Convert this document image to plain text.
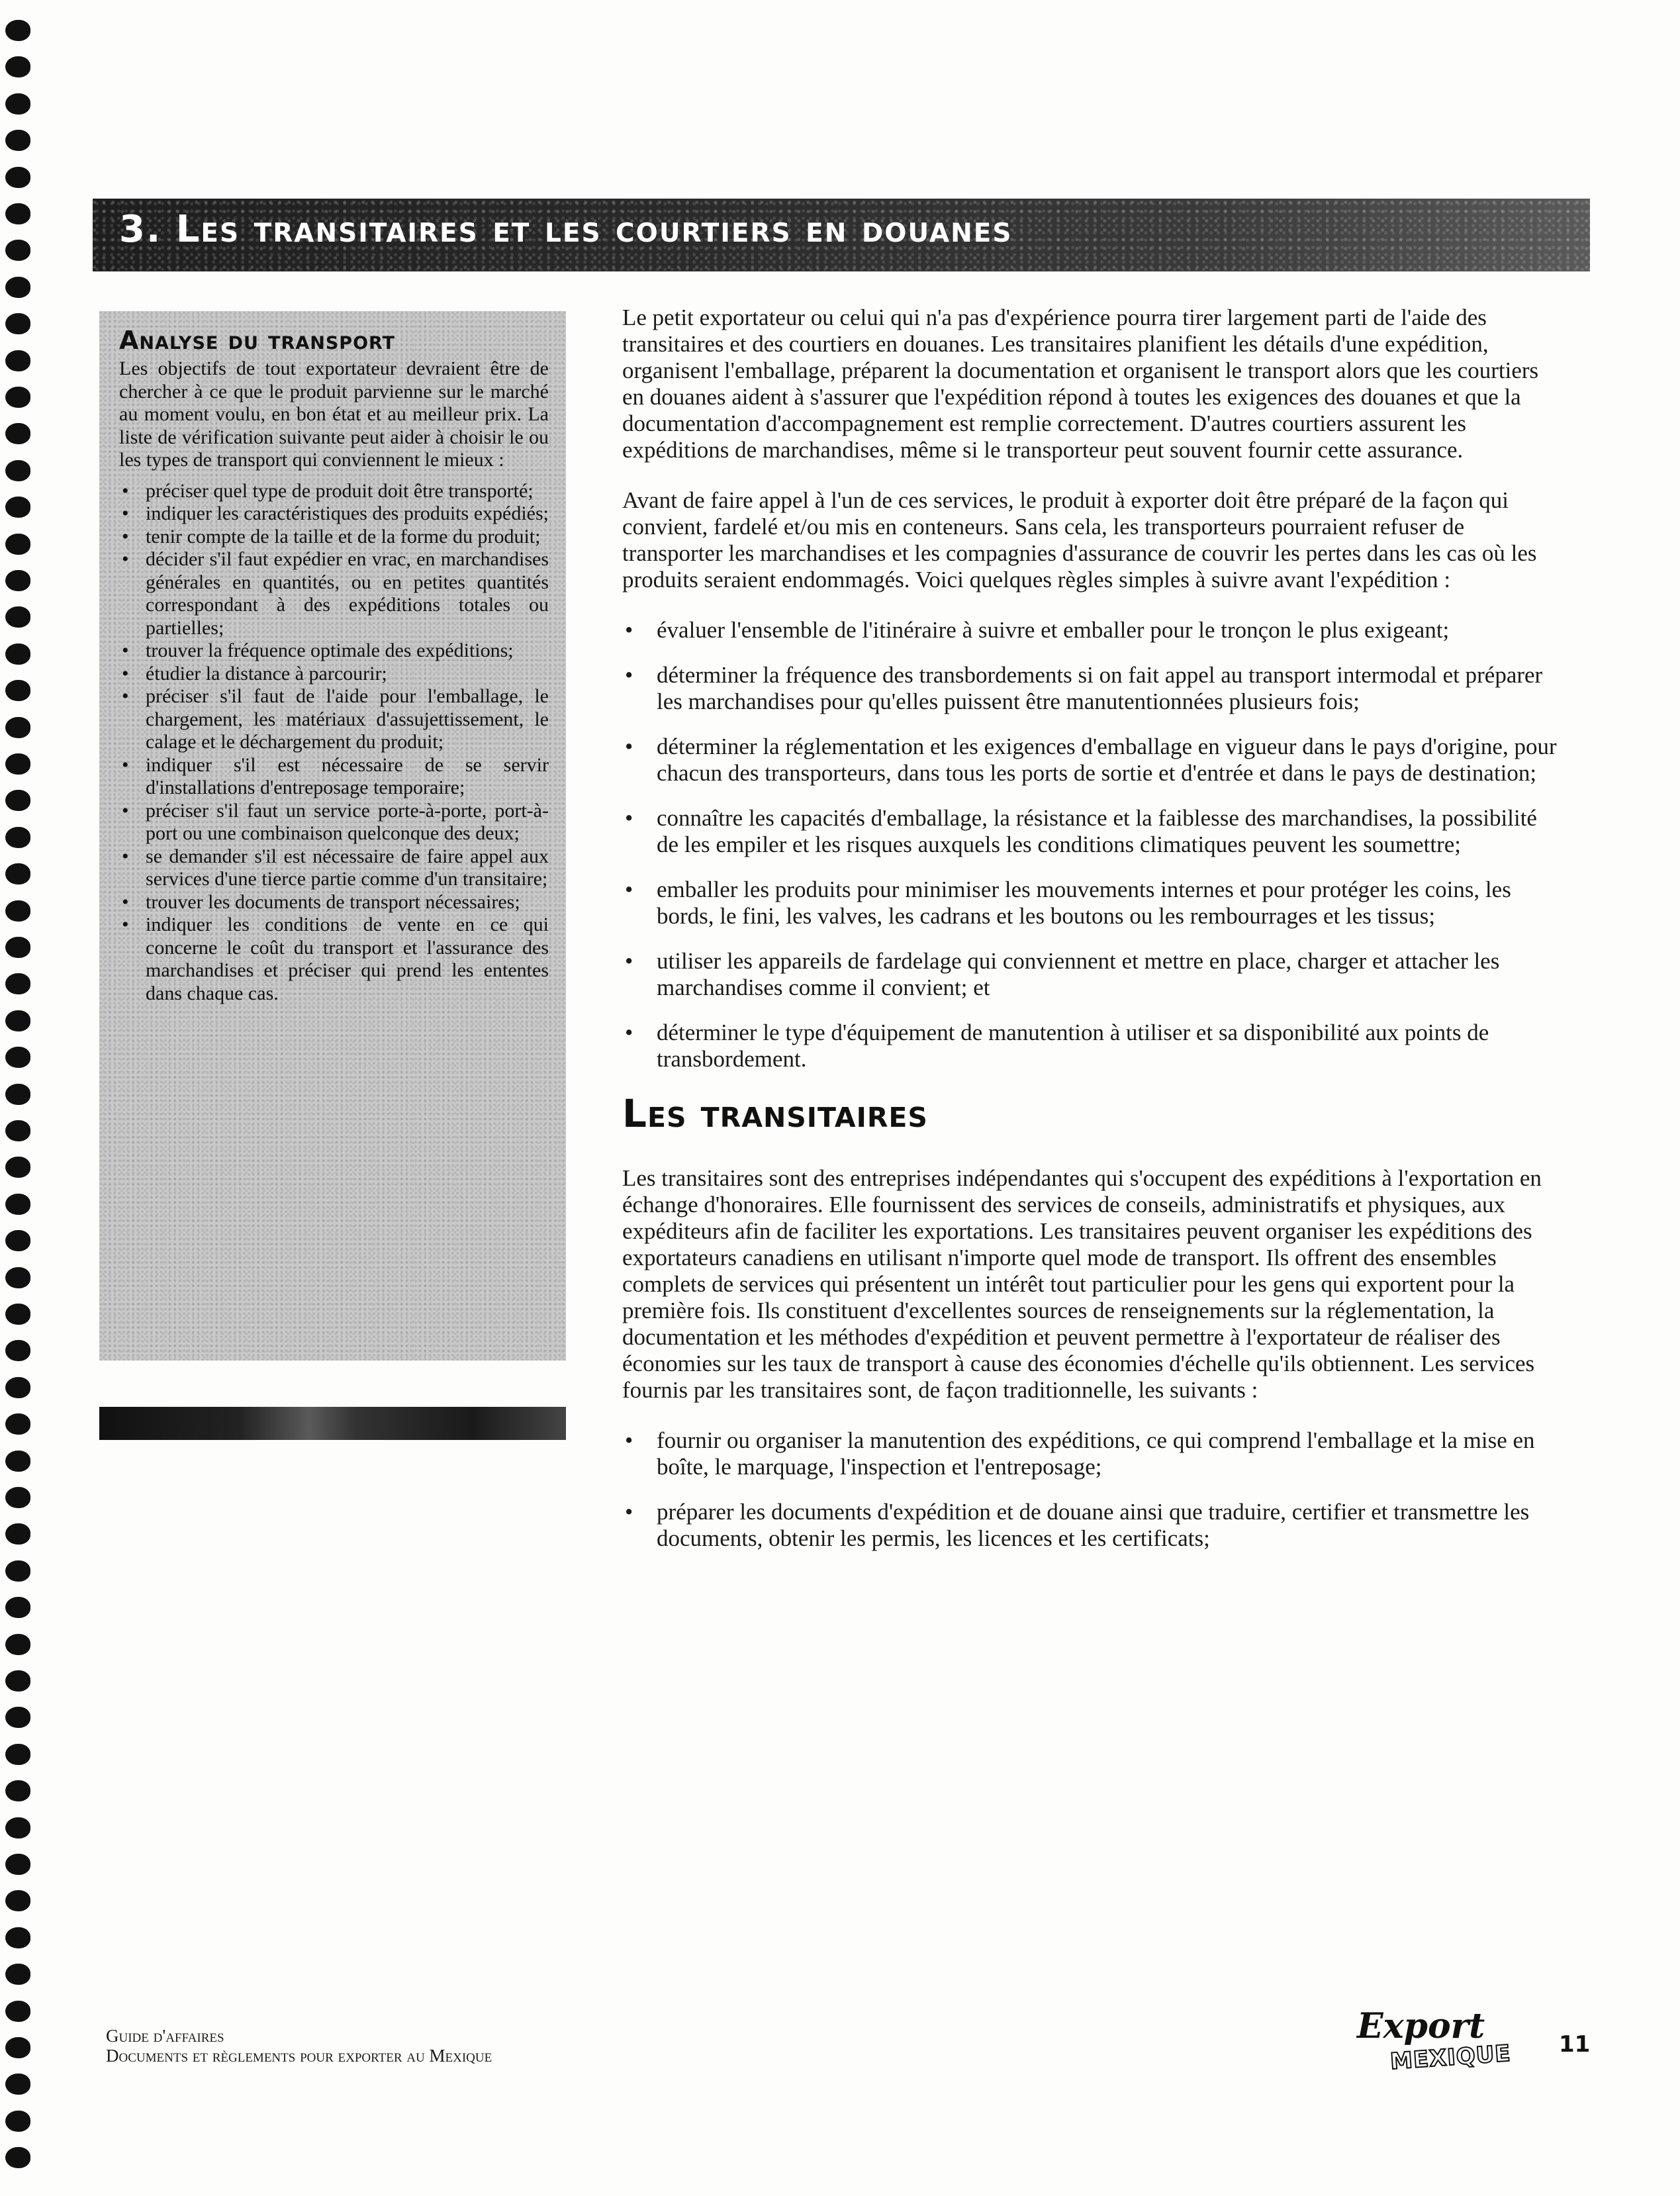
3. Les transitaires et les courtiers en douanes
Analyse du transport

Les objectifs de tout exportateur devraient être de chercher à ce que le produit parvienne sur le marché au moment voulu, en bon état et au meilleur prix. La liste de vérification suivante peut aider à choisir le ou les types de transport qui conviennent le mieux :

• préciser quel type de produit doit être transporté;
• indiquer les caractéristiques des produits expédiés;
• tenir compte de la taille et de la forme du produit;
• décider s'il faut expédier en vrac, en marchandises générales en quantités, ou en petites quantités correspondant à des expéditions totales ou partielles;
• trouver la fréquence optimale des expéditions;
• étudier la distance à parcourir;
• préciser s'il faut de l'aide pour l'emballage, le chargement, les matériaux d'assujettissement, le calage et le déchargement du produit;
• indiquer s'il est nécessaire de se servir d'installations d'entreposage temporaire;
• préciser s'il faut un service porte-à-porte, port-à-port ou une combinaison quelconque des deux;
• se demander s'il est nécessaire de faire appel aux services d'une tierce partie comme d'un transitaire;
• trouver les documents de transport nécessaires;
• indiquer les conditions de vente en ce qui concerne le coût du transport et l'assurance des marchandises et préciser qui prend les ententes dans chaque cas.

Le petit exportateur ou celui qui n'a pas d'expérience pourra tirer largement parti de l'aide des transitaires et des courtiers en douanes. Les transitaires planifient les détails d'une expédition, organisent l'emballage, préparent la documentation et organisent le transport alors que les courtiers en douanes aident à s'assurer que l'expédition répond à toutes les exigences des douanes et que la documentation d'accompagnement est remplie correctement. D'autres courtiers assurent les expéditions de marchandises, même si le transporteur peut souvent fournir cette assurance.

Avant de faire appel à l'un de ces services, le produit à exporter doit être préparé de la façon qui convient, fardelé et/ou mis en conteneurs. Sans cela, les transporteurs pourraient refuser de transporter les marchandises et les compagnies d'assurance de couvrir les pertes dans les cas où les produits seraient endommagés. Voici quelques règles simples à suivre avant l'expédition :

• évaluer l'ensemble de l'itinéraire à suivre et emballer pour le tronçon le plus exigeant;
• déterminer la fréquence des transbordements si on fait appel au transport intermodal et préparer les marchandises pour qu'elles puissent être manutentionnées plusieurs fois;
• déterminer la réglementation et les exigences d'emballage en vigueur dans le pays d'origine, pour chacun des transporteurs, dans tous les ports de sortie et d'entrée et dans le pays de destination;
• connaître les capacités d'emballage, la résistance et la faiblesse des marchandises, la possibilité de les empiler et les risques auxquels les conditions climatiques peuvent les soumettre;
• emballer les produits pour minimiser les mouvements internes et pour protéger les coins, les bords, le fini, les valves, les cadrans et les boutons ou les rembourrages et les tissus;
• utiliser les appareils de fardelage qui conviennent et mettre en place, charger et attacher les marchandises comme il convient; et
• déterminer le type d'équipement de manutention à utiliser et sa disponibilité aux points de transbordement.
Les transitaires

Les transitaires sont des entreprises indépendantes qui s'occupent des expéditions à l'exportation en échange d'honoraires. Elle fournissent des services de conseils, administratifs et physiques, aux expéditeurs afin de faciliter les exportations. Les transitaires peuvent organiser les expéditions des exportateurs canadiens en utilisant n'importe quel mode de transport. Ils offrent des ensembles complets de services qui présentent un intérêt tout particulier pour les gens qui exportent pour la première fois. Ils constituent d'excellentes sources de renseignements sur la réglementation, la documentation et les méthodes d'expédition et peuvent permettre à l'exportateur de réaliser des économies sur les taux de transport à cause des économies d'échelle qu'ils obtiennent. Les services fournis par les transitaires sont, de façon traditionnelle, les suivants :

• fournir ou organiser la manutention des expéditions, ce qui comprend l'emballage et la mise en boîte, le marquage, l'inspection et l'entreposage;
• préparer les documents d'expédition et de douane ainsi que traduire, certifier et transmettre les documents, obtenir les permis, les licences et les certificats;
Guide d'affaires
Documents et règlements pour exporter au Mexique
Export
MEXIQUE 11
